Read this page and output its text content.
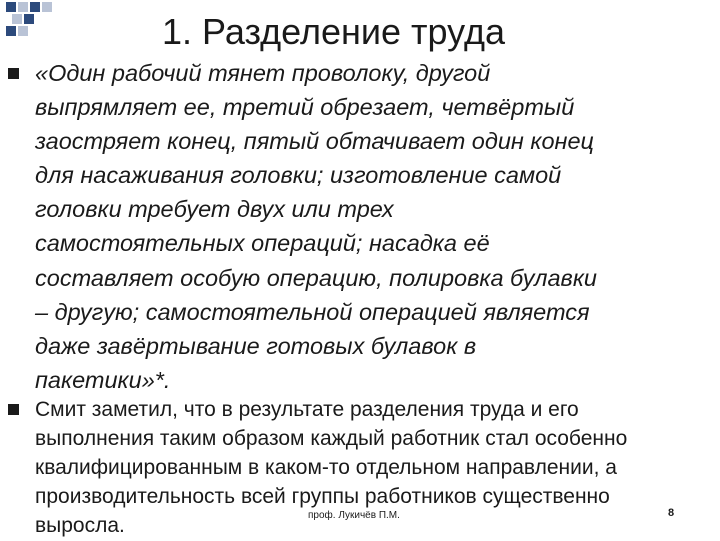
1. Разделение труда

«Один рабочий тянет проволоку, другой
выпрямляет ее, третий обрезает, четвёртый
заостряет конец, пятый обтачивает один конец
для насаживания головки; изготовление самой
головки требует двух или трех
самостоятельных операций; насадка её
составляет особую операцию, полировка булавки
– другую; самостоятельной операцией является
даже завёртывание готовых булавок в
пакетики»*.

Смит заметил, что в результате разделения труда и его
выполнения таким образом каждый работник стал особенно
квалифицированным в каком-то отдельном направлении, а
производительность всей группы работников существенно
выросла.	проф. Лукичёв П.М.	8
